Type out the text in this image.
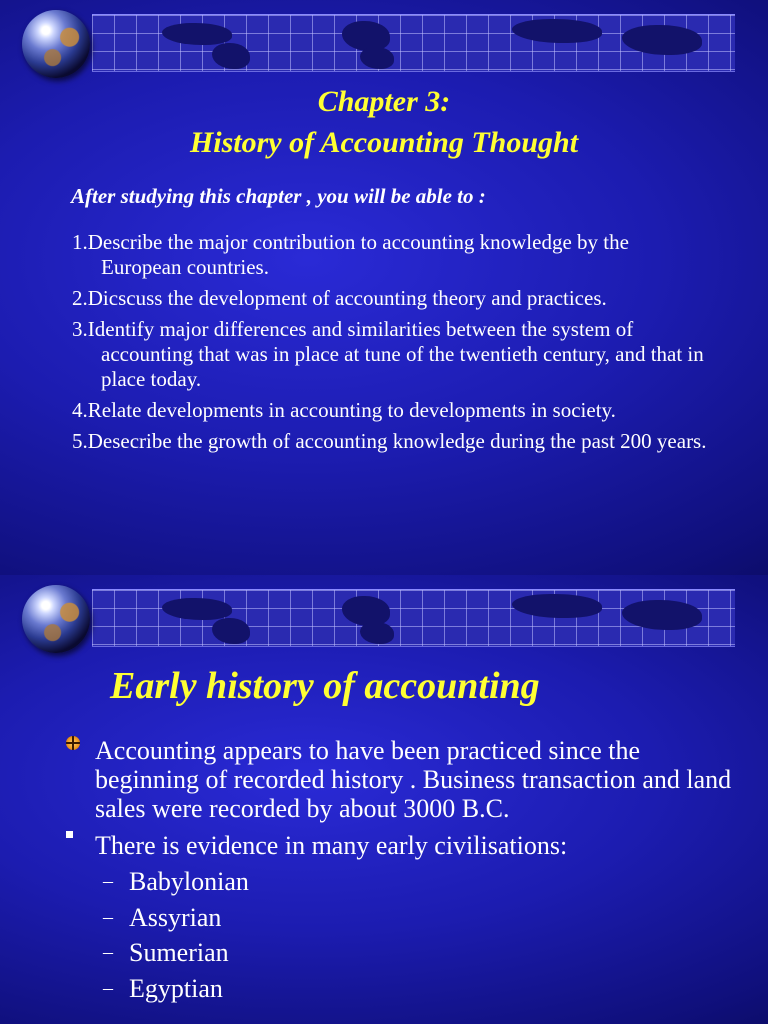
Chapter 3:
History of Accounting Thought
After studying this chapter , you will be able to :
1.Describe the major contribution to accounting knowledge by the European countries.
2.Dicscuss the development of accounting theory and practices.
3.Identify major differences and similarities between the system of accounting that was in place at tune of the twentieth century, and that in place today.
4.Relate developments in accounting to developments in society.
5.Desecribe the growth of accounting knowledge during the past 200 years.
Early history of accounting
Accounting appears to have been practiced since the beginning of recorded history . Business transaction and land sales were recorded by about 3000 B.C.
There is evidence in many early civilisations:
– Babylonian
– Assyrian
– Sumerian
– Egyptian
